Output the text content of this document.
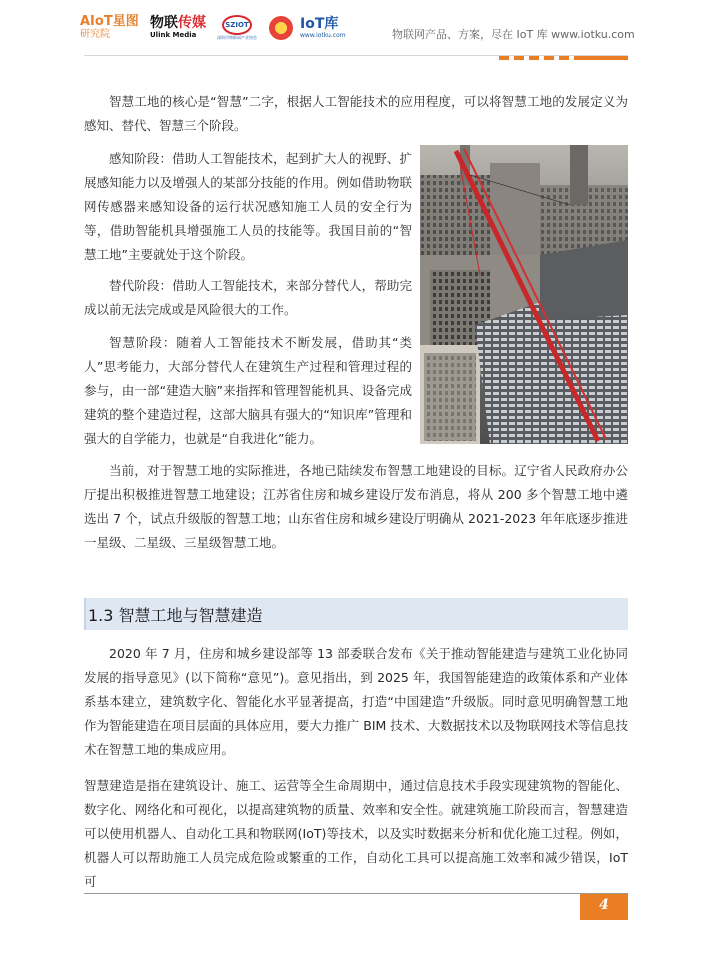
AIoT星图
研究院
物联传媒
Ulink Media
SZIOT
深圳市物联网产业协会
IoT库
www.iotku.com	物联网产品、方案，尽在 IoT 库 www.iotku.com

智慧工地的核心是“智慧”二字，根据人工智能技术的应用程度，可以将智慧工地的发展定义为感知、替代、智慧三个阶段。

感知阶段：借助人工智能技术，起到扩大人的视野、扩展感知能力以及增强人的某部分技能的作用。例如借助物联网传感器来感知设备的运行状况感知施工人员的安全行为等，借助智能机具增强施工人员的技能等。我国目前的“智慧工地”主要就处于这个阶段。

替代阶段：借助人工智能技术，来部分替代人，帮助完成以前无法完成或是风险很大的工作。

智慧阶段：随着人工智能技术不断发展，借助其“类人”思考能力，大部分替代人在建筑生产过程和管理过程的参与，由一部“建造大脑”来指挥和管理智能机具、设备完成建筑的整个建造过程，这部大脑具有强大的“知识库”管理和强大的自学能力，也就是“自我进化”能力。

当前，对于智慧工地的实际推进，各地已陆续发布智慧工地建设的目标。辽宁省人民政府办公厅提出积极推进智慧工地建设；江苏省住房和城乡建设厅发布消息，将从 200 多个智慧工地中遴选出 7 个，试点升级版的智慧工地；山东省住房和城乡建设厅明确从 2021-2023 年年底逐步推进一星级、二星级、三星级智慧工地。

1.3 智慧工地与智慧建造

2020 年 7 月，住房和城乡建设部等 13 部委联合发布《关于推动智能建造与建筑工业化协同发展的指导意见》(以下简称“意见”)。意见指出，到 2025 年，我国智能建造的政策体系和产业体系基本建立，建筑数字化、智能化水平显著提高，打造“中国建造”升级版。同时意见明确智慧工地作为智能建造在项目层面的具体应用，要大力推广 BIM 技术、大数据技术以及物联网技术等信息技术在智慧工地的集成应用。

智慧建造是指在建筑设计、施工、运营等全生命周期中，通过信息技术手段实现建筑物的智能化、数字化、网络化和可视化，以提高建筑物的质量、效率和安全性。就建筑施工阶段而言，智慧建造可以使用机器人、自动化工具和物联网(IoT)等技术，以及实时数据来分析和优化施工过程。例如，机器人可以帮助施工人员完成危险或繁重的工作，自动化工具可以提高施工效率和减少错误，IoT 可

4
